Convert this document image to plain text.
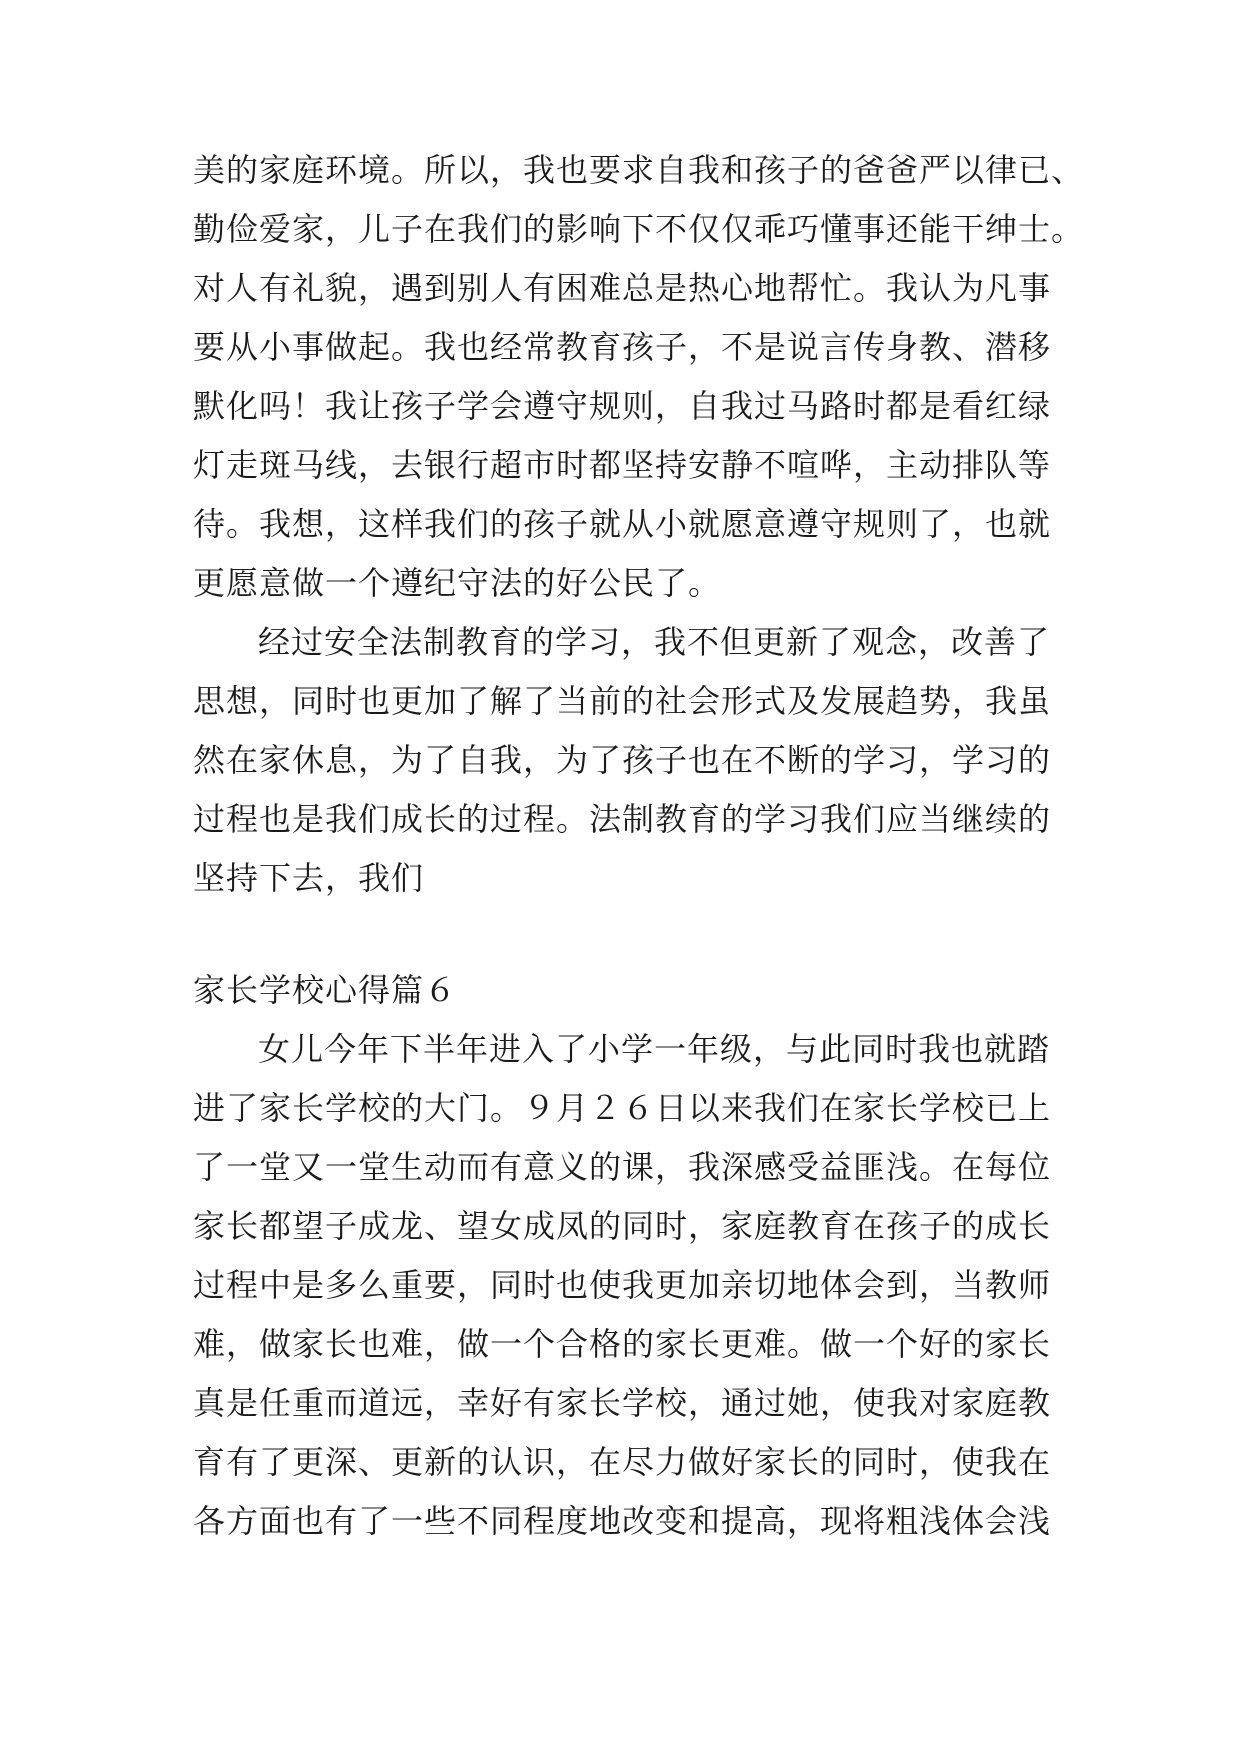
美的家庭环境。所以，我也要求自我和孩子的爸爸严以律已、
勤俭爱家，儿子在我们的影响下不仅仅乖巧懂事还能干绅士。
对人有礼貌，遇到别人有困难总是热心地帮忙。我认为凡事
要从小事做起。我也经常教育孩子，不是说言传身教、潜移
默化吗！我让孩子学会遵守规则，自我过马路时都是看红绿
灯走斑马线，去银行超市时都坚持安静不喧哗，主动排队等
待。我想，这样我们的孩子就从小就愿意遵守规则了，也就
更愿意做一个遵纪守法的好公民了。
经过安全法制教育的学习，我不但更新了观念，改善了
思想，同时也更加了解了当前的社会形式及发展趋势，我虽
然在家休息，为了自我，为了孩子也在不断的学习，学习的
过程也是我们成长的过程。法制教育的学习我们应当继续的
坚持下去，我们
家长学校心得篇６
女儿今年下半年进入了小学一年级，与此同时我也就踏
进了家长学校的大门。９月２６日以来我们在家长学校已上
了一堂又一堂生动而有意义的课，我深感受益匪浅。在每位
家长都望子成龙、望女成凤的同时，家庭教育在孩子的成长
过程中是多么重要，同时也使我更加亲切地体会到，当教师
难，做家长也难，做一个合格的家长更难。做一个好的家长
真是任重而道远，幸好有家长学校，通过她，使我对家庭教
育有了更深、更新的认识，在尽力做好家长的同时，使我在
各方面也有了一些不同程度地改变和提高，现将粗浅体会浅
